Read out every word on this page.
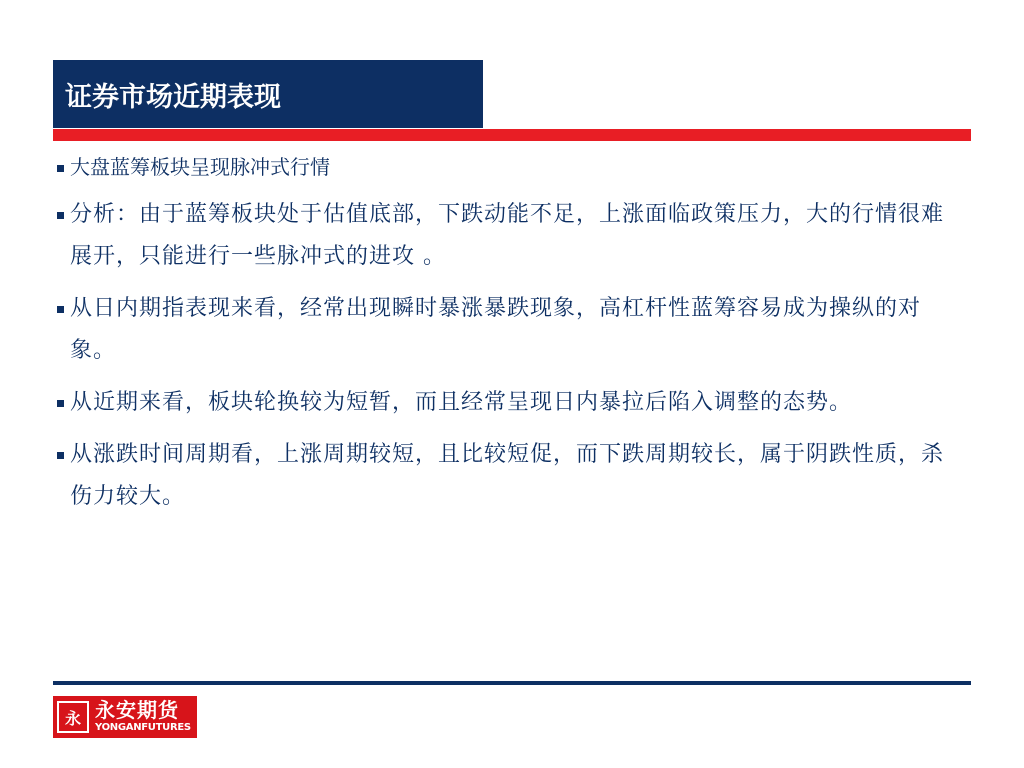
证券市场近期表现
大盘蓝筹板块呈现脉冲式行情
分析：由于蓝筹板块处于估值底部，下跌动能不足，上涨面临政策压力，大的行情很难展开，只能进行一些脉冲式的进攻 。
从日内期指表现来看，经常出现瞬时暴涨暴跌现象，高杠杆性蓝筹容易成为操纵的对象。
从近期来看，板块轮换较为短暂，而且经常呈现日内暴拉后陷入调整的态势。
从涨跌时间周期看，上涨周期较短，且比较短促，而下跌周期较长，属于阴跌性质，杀伤力较大。
永 永安期货
YONGANFUTURES
